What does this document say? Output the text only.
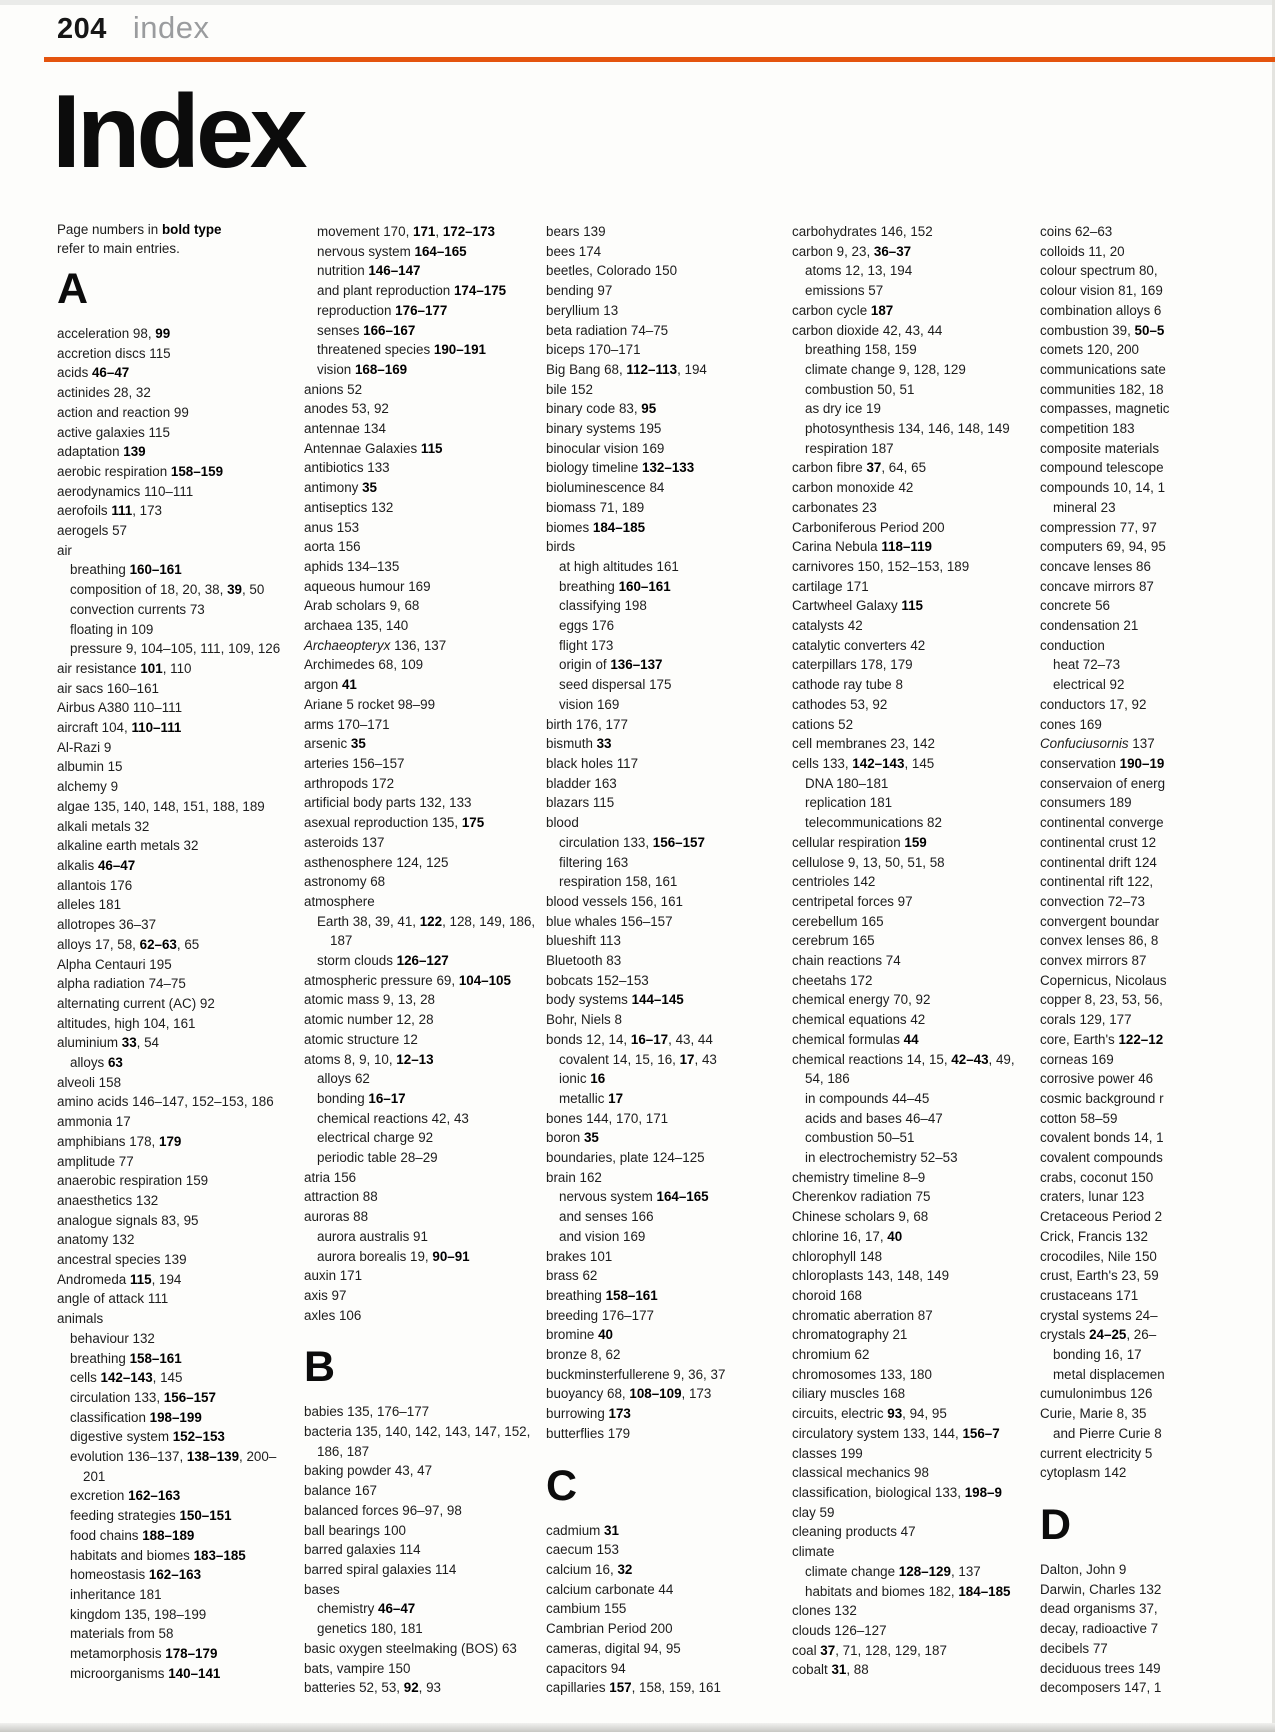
204 index
Index

Page numbers in bold type refer to main entries.

A
acceleration 98, 99
accretion discs 115
acids 46–47
actinides 28, 32
action and reaction 99
active galaxies 115
adaptation 139
aerobic respiration 158–159
aerodynamics 110–111
aerofoils 111, 173
aerogels 57
air
breathing 160–161
composition of 18, 20, 38, 39, 50
convection currents 73
floating in 109
pressure 9, 104–105, 111, 109, 126
air resistance 101, 110
air sacs 160–161
Airbus A380 110–111
aircraft 104, 110–111
Al-Razi 9
albumin 15
alchemy 9
algae 135, 140, 148, 151, 188, 189
alkali metals 32
alkaline earth metals 32
alkalis 46–47
allantois 176
alleles 181
allotropes 36–37
alloys 17, 58, 62–63, 65
Alpha Centauri 195
alpha radiation 74–75
alternating current (AC) 92
altitudes, high 104, 161
aluminium 33, 54
alloys 63
alveoli 158
amino acids 146–147, 152–153, 186
ammonia 17
amphibians 178, 179
amplitude 77
anaerobic respiration 159
anaesthetics 132
analogue signals 83, 95
anatomy 132
ancestral species 139
Andromeda 115, 194
angle of attack 111
animals
behaviour 132
breathing 158–161
cells 142–143, 145
circulation 133, 156–157
classification 198–199
digestive system 152–153
evolution 136–137, 138–139, 200–201
excretion 162–163
feeding strategies 150–151
food chains 188–189
habitats and biomes 183–185
homeostasis 162–163
inheritance 181
kingdom 135, 198–199
materials from 58
metamorphosis 178–179
microorganisms 140–141
movement 170, 171, 172–173
nervous system 164–165
nutrition 146–147
and plant reproduction 174–175
reproduction 176–177
senses 166–167
threatened species 190–191
vision 168–169
anions 52
anodes 53, 92
antennae 134
Antennae Galaxies 115
antibiotics 133
antimony 35
antiseptics 132
anus 153
aorta 156
aphids 134–135
aqueous humour 169
Arab scholars 9, 68
archaea 135, 140
Archaeopteryx 136, 137
Archimedes 68, 109
argon 41
Ariane 5 rocket 98–99
arms 170–171
arsenic 35
arteries 156–157
arthropods 172
artificial body parts 132, 133
asexual reproduction 135, 175
asteroids 137
asthenosphere 124, 125
astronomy 68
atmosphere
Earth 38, 39, 41, 122, 128, 149, 186, 187
storm clouds 126–127
atmospheric pressure 69, 104–105
atomic mass 9, 13, 28
atomic number 12, 28
atomic structure 12
atoms 8, 9, 10, 12–13
alloys 62
bonding 16–17
chemical reactions 42, 43
electrical charge 92
periodic table 28–29
atria 156
attraction 88
auroras 88
aurora australis 91
aurora borealis 19, 90–91
auxin 171
axis 97
axles 106
B
babies 135, 176–177
bacteria 135, 140, 142, 143, 147, 152, 186, 187
baking powder 43, 47
balance 167
balanced forces 96–97, 98
ball bearings 100
barred galaxies 114
barred spiral galaxies 114
bases
chemistry 46–47
genetics 180, 181
basic oxygen steelmaking (BOS) 63
bats, vampire 150
batteries 52, 53, 92, 93
bears 139
bees 174
beetles, Colorado 150
bending 97
beryllium 13
beta radiation 74–75
biceps 170–171
Big Bang 68, 112–113, 194
bile 152
binary code 83, 95
binary systems 195
binocular vision 169
biology timeline 132–133
bioluminescence 84
biomass 71, 189
biomes 184–185
birds
at high altitudes 161
breathing 160–161
classifying 198
eggs 176
flight 173
origin of 136–137
seed dispersal 175
vision 169
birth 176, 177
bismuth 33
black holes 117
bladder 163
blazars 115
blood
circulation 133, 156–157
filtering 163
respiration 158, 161
blood vessels 156, 161
blue whales 156–157
blueshift 113
Bluetooth 83
bobcats 152–153
body systems 144–145
Bohr, Niels 8
bonds 12, 14, 16–17, 43, 44
covalent 14, 15, 16, 17, 43
ionic 16
metallic 17
bones 144, 170, 171
boron 35
boundaries, plate 124–125
brain 162
nervous system 164–165
and senses 166
and vision 169
brakes 101
brass 62
breathing 158–161
breeding 176–177
bromine 40
bronze 8, 62
buckminsterfullerene 9, 36, 37
buoyancy 68, 108–109, 173
burrowing 173
butterflies 179
C
cadmium 31
caecum 153
calcium 16, 32
calcium carbonate 44
cambium 155
Cambrian Period 200
cameras, digital 94, 95
capacitors 94
capillaries 157, 158, 159, 161
carbohydrates 146, 152
carbon 9, 23, 36–37
atoms 12, 13, 194
emissions 57
carbon cycle 187
carbon dioxide 42, 43, 44
breathing 158, 159
climate change 9, 128, 129
combustion 50, 51
as dry ice 19
photosynthesis 134, 146, 148, 149
respiration 187
carbon fibre 37, 64, 65
carbon monoxide 42
carbonates 23
Carboniferous Period 200
Carina Nebula 118–119
carnivores 150, 152–153, 189
cartilage 171
Cartwheel Galaxy 115
catalysts 42
catalytic converters 42
caterpillars 178, 179
cathode ray tube 8
cathodes 53, 92
cations 52
cell membranes 23, 142
cells 133, 142–143, 145
DNA 180–181
replication 181
telecommunications 82
cellular respiration 159
cellulose 9, 13, 50, 51, 58
centrioles 142
centripetal forces 97
cerebellum 165
cerebrum 165
chain reactions 74
cheetahs 172
chemical energy 70, 92
chemical equations 42
chemical formulas 44
chemical reactions 14, 15, 42–43, 49, 54, 186
in compounds 44–45
acids and bases 46–47
combustion 50–51
in electrochemistry 52–53
chemistry timeline 8–9
Cherenkov radiation 75
Chinese scholars 9, 68
chlorine 16, 17, 40
chlorophyll 148
chloroplasts 143, 148, 149
choroid 168
chromatic aberration 87
chromatography 21
chromium 62
chromosomes 133, 180
ciliary muscles 168
circuits, electric 93, 94, 95
circulatory system 133, 144, 156–7
classes 199
classical mechanics 98
classification, biological 133, 198–9
clay 59
cleaning products 47
climate
climate change 128–129, 137
habitats and biomes 182, 184–185
clones 132
clouds 126–127
coal 37, 71, 128, 129, 187
cobalt 31, 88
coins 62–63
colloids 11, 20
colour spectrum 80,
colour vision 81, 169
combination alloys 6
combustion 39, 50–5
comets 120, 200
communications sate
communities 182, 18
compasses, magnetic
competition 183
composite materials
compound telescope
compounds 10, 14, 1
mineral 23
compression 77, 97
computers 69, 94, 95
concave lenses 86
concave mirrors 87
concrete 56
condensation 21
conduction
heat 72–73
electrical 92
conductors 17, 92
cones 169
Confuciusornis 137
conservation 190–19
conservaion of energ
consumers 189
continental converge
continental crust 12
continental drift 124
continental rift 122,
convection 72–73
convergent boundar
convex lenses 86, 8
convex mirrors 87
Copernicus, Nicolaus
copper 8, 23, 53, 56,
corals 129, 177
core, Earth's 122–12
corneas 169
corrosive power 46
cosmic background r
cotton 58–59
covalent bonds 14, 1
covalent compounds
crabs, coconut 150
craters, lunar 123
Cretaceous Period 2
Crick, Francis 132
crocodiles, Nile 150
crust, Earth's 23, 59
crustaceans 171
crystal systems 24–
crystals 24–25, 26–
bonding 16, 17
metal displacemen
cumulonimbus 126
Curie, Marie 8, 35
and Pierre Curie 8
current electricity 5
cytoplasm 142
D
Dalton, John 9
Darwin, Charles 132
dead organisms 37,
decay, radioactive 7
decibels 77
deciduous trees 149
decomposers 147, 1
